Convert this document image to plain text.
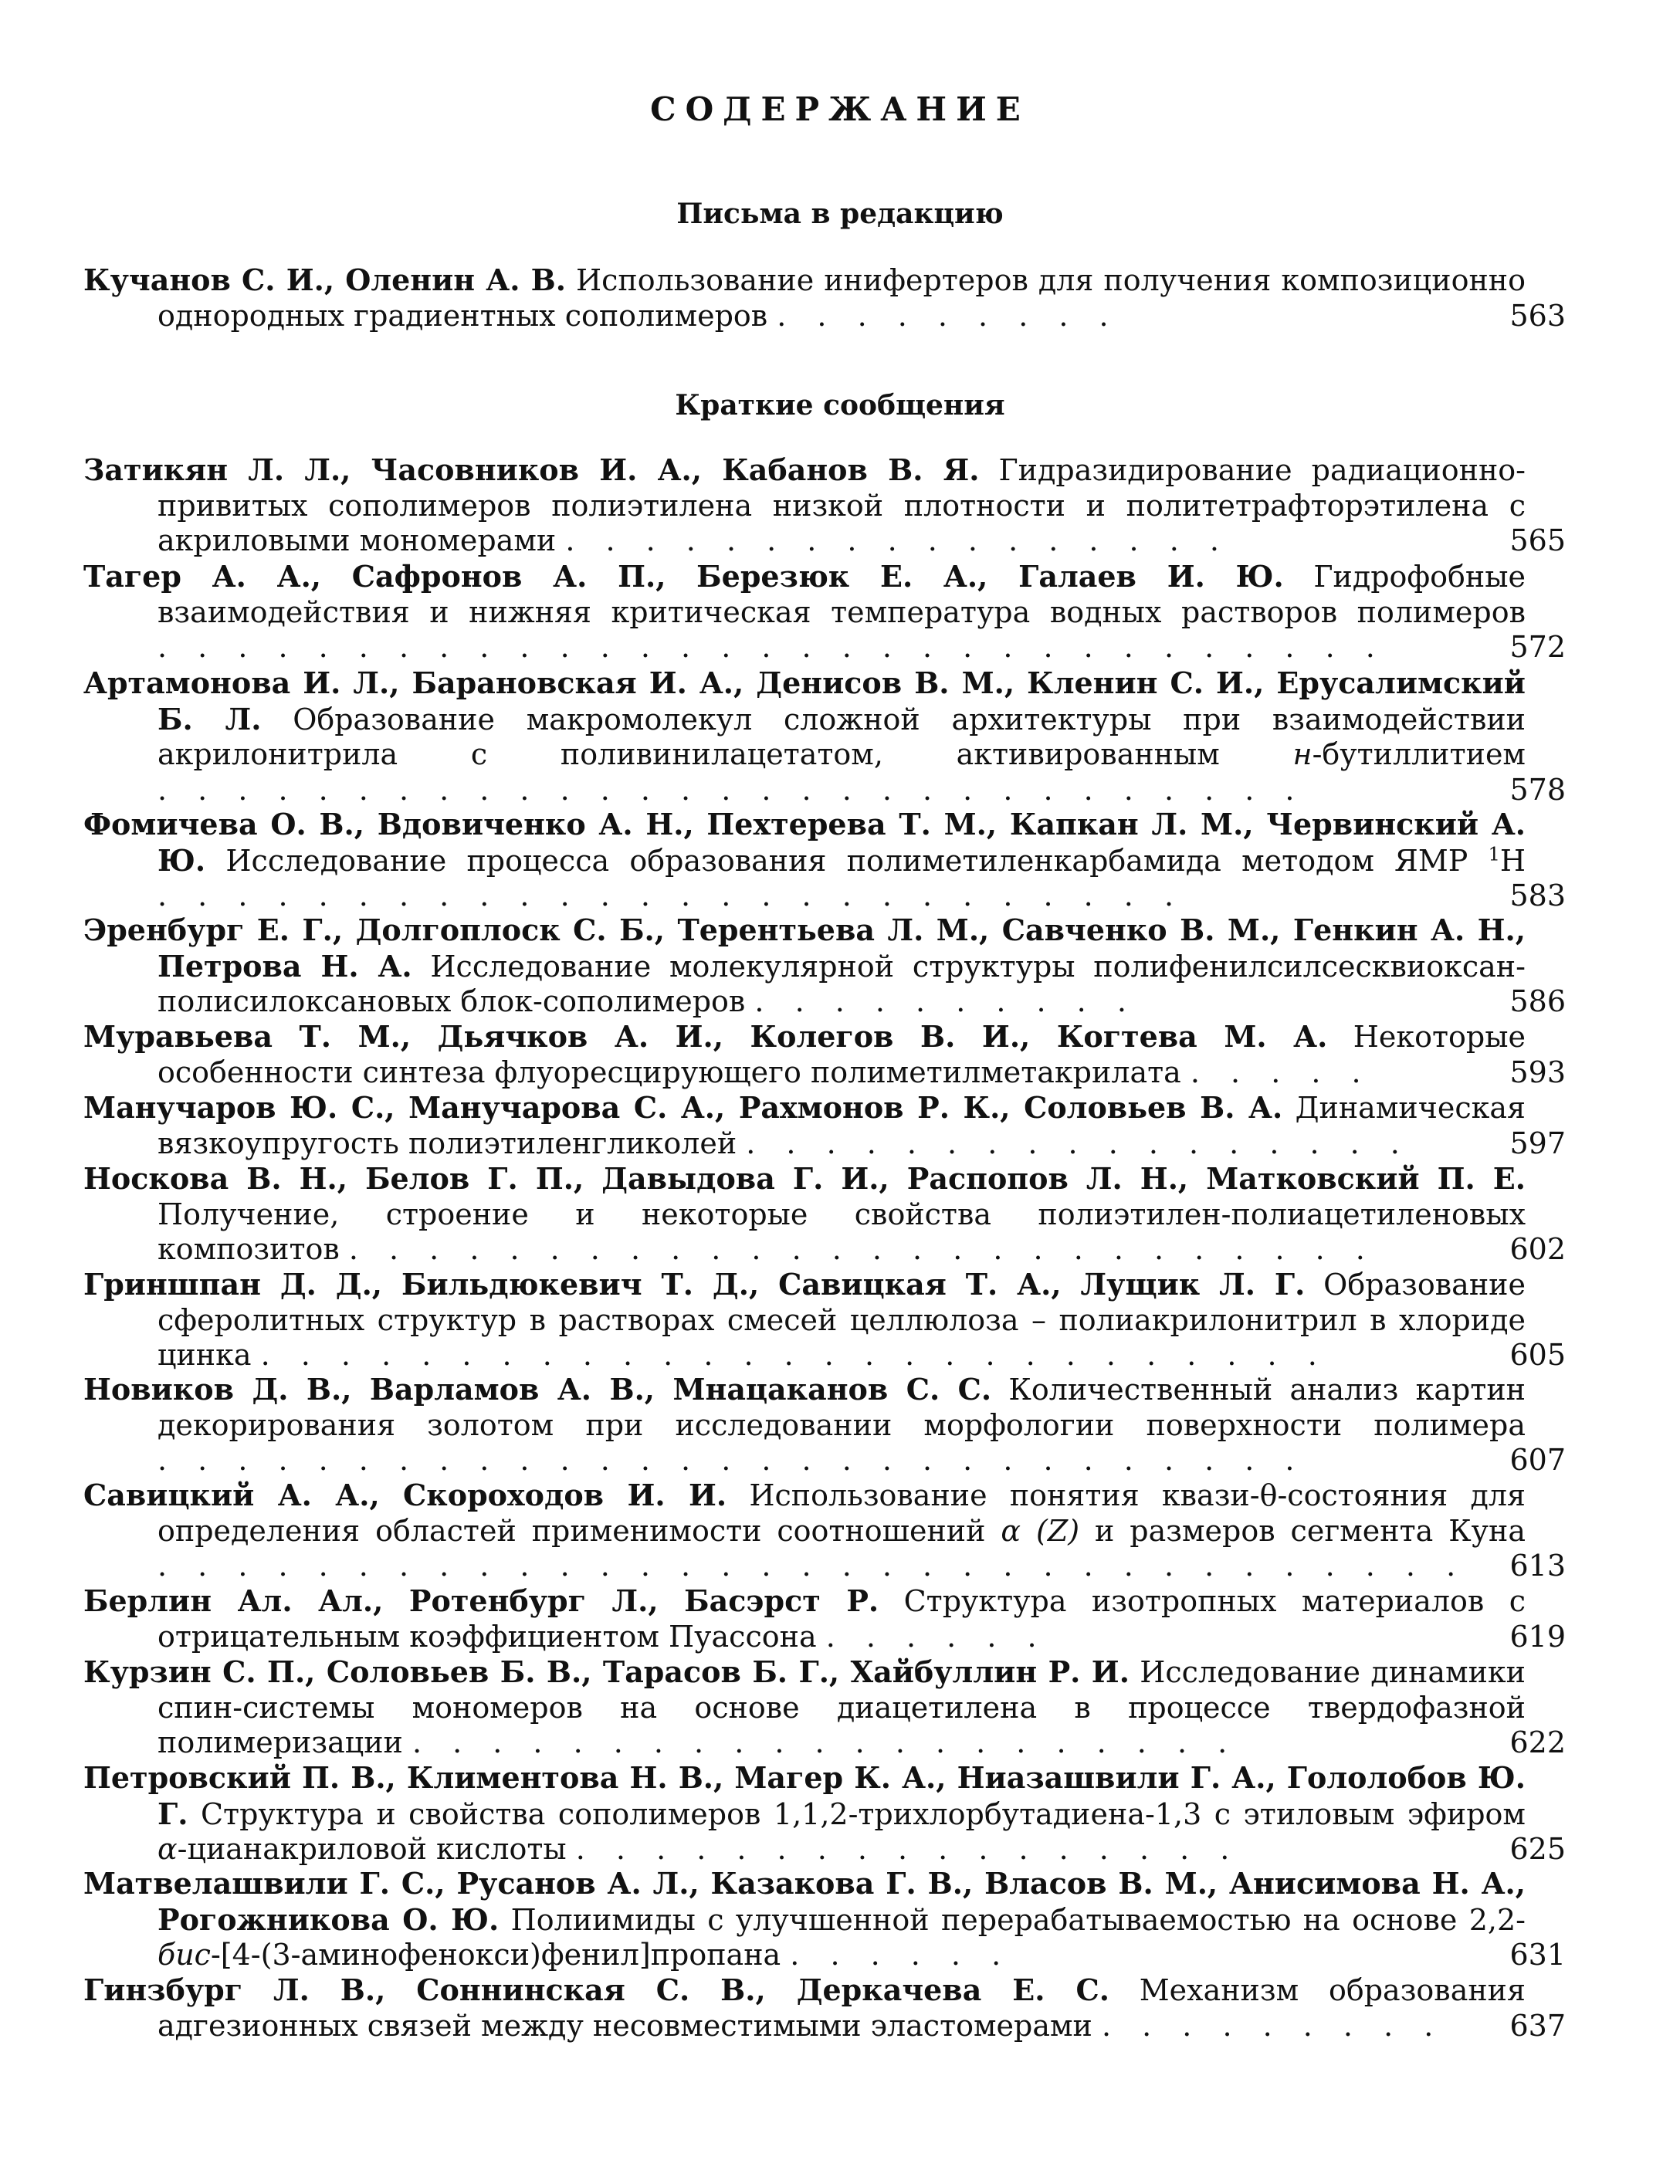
СОДЕРЖАНИЕ
Письма в редакцию
Кучанов С. И., Оленин А. В. Использование инифертеров для получения композиционно однородных градиентных сополимеров . . . . . . . . .	563
Краткие сообщения
Затикян Л. Л., Часовников И. А., Кабанов В. Я. Гидразидирование радиационно-привитых сополимеров полиэтилена низкой плотности и политетрафторэтилена с акриловыми мономерами . . . . . . . . . . . . . . . . .	565
Тагер А. А., Сафронов А. П., Березюк Е. А., Галаев И. Ю. Гидрофобные взаимодействия и нижняя критическая температура водных растворов полимеров . . . . . . . . . . . . . . . . . . . . . . . . . . . . . . .	572
Артамонова И. Л., Барановская И. А., Денисов В. М., Кленин С. И., Ерусалимский Б. Л. Образование макромолекул сложной архитектуры при взаимодействии акрилонитрила с поливинилацетатом, активированным н-бутиллитием . . . . . . . . . . . . . . . . . . . . . . . . . . . . .	578
Фомичева О. В., Вдовиченко А. Н., Пехтерева Т. М., Капкан Л. М., Червинский А. Ю. Исследование процесса образования полиметиленкарбамида методом ЯМР $^1$Н . . . . . . . . . . . . . . . . . . . . . . . . . .	583
Эренбург Е. Г., Долгоплоск С. Б., Терентьева Л. М., Савченко В. М., Генкин А. Н., Петрова Н. А. Исследование молекулярной структуры полифенилсилсесквиоксан-полисилоксановых блок-сополимеров . . . . . . . . . .	586
Муравьева Т. М., Дьячков А. И., Колегов В. И., Когтева М. А. Некоторые особенности синтеза флуоресцирующего полиметилметакрилата . . . . .	593
Манучаров Ю. С., Манучарова С. А., Рахмонов Р. К., Соловьев В. А. Динамическая вязкоупругость полиэтиленгликолей . . . . . . . . . . . . . . . . .	597
Носкова В. Н., Белов Г. П., Давыдова Г. И., Распопов Л. Н., Матковский П. Е. Получение, строение и некоторые свойства полиэтилен-полиацетиленовых композитов . . . . . . . . . . . . . . . . . . . . . . . . . .	602
Гриншпан Д. Д., Бильдюкевич Т. Д., Савицкая Т. А., Лущик Л. Г. Образование сферолитных структур в растворах смесей целлюлоза – полиакрилонитрил в хлориде цинка . . . . . . . . . . . . . . . . . . . . . . . . . . .	605
Новиков Д. В., Варламов А. В., Мнацаканов С. С. Количественный анализ картин декорирования золотом при исследовании морфологии поверхности полимера . . . . . . . . . . . . . . . . . . . . . . . . . . . . .	607
Савицкий А. А., Скороходов И. И. Использование понятия квази-θ-состояния для определения областей применимости соотношений α (Z) и размеров сегмента Куна . . . . . . . . . . . . . . . . . . . . . . . . . . . . . . . . .	613
Берлин Ал. Ал., Ротенбург Л., Басэрст Р. Структура изотропных материалов с отрицательным коэффициентом Пуассона . . . . . .	619
Курзин С. П., Соловьев Б. В., Тарасов Б. Г., Хайбуллин Р. И. Исследование динамики спин-системы мономеров на основе диацетилена в процессе твердофазной полимеризации . . . . . . . . . . . . . . . . . . . . .	622
Петровский П. В., Климентова Н. В., Магер К. А., Ниазашвили Г. А., Гололобов Ю. Г. Структура и свойства сополимеров 1,1,2-трихлорбутадиена-1,3 с этиловым эфиром α-цианакриловой кислоты . . . . . . . . . . . . . . . . .	625
Матвелашвили Г. С., Русанов А. Л., Казакова Г. В., Власов В. М., Анисимова Н. А., Рогожникова О. Ю. Полиимиды с улучшенной перерабатываемостью на основе 2,2-бис-[4-(3-аминофенокси)фенил]пропана . . . . . .	631
Гинзбург Л. В., Соннинская С. В., Деркачева Е. С. Механизм образования адгезионных связей между несовместимыми эластомерами . . . . . . . . .	637
